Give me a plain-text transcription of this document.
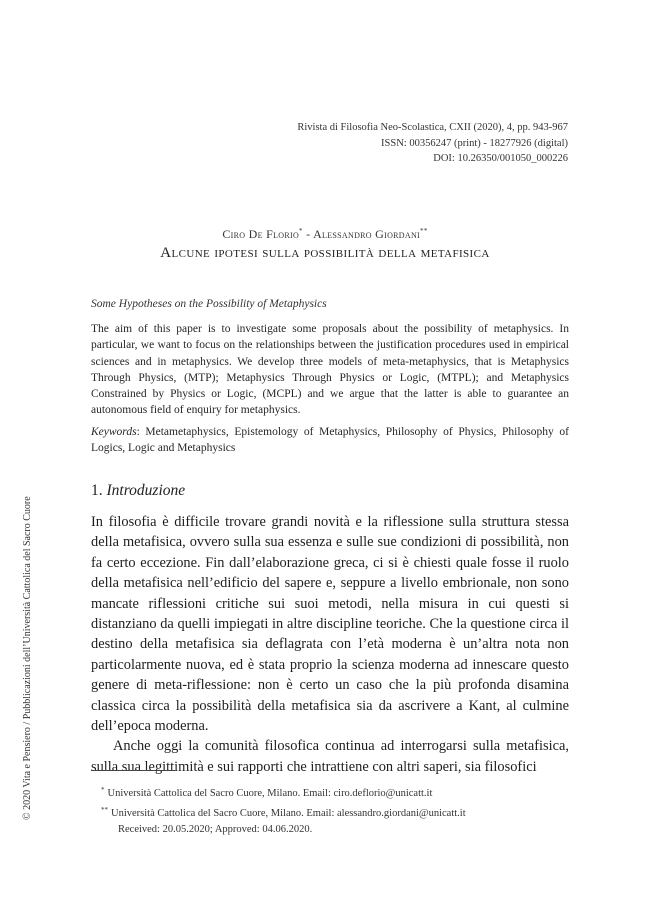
Rivista di Filosofia Neo-Scolastica, CXII (2020), 4, pp. 943-967
ISSN: 00356247 (print) - 18277926 (digital)
DOI: 10.26350/001050_000226
Ciro De Florio* - Alessandro Giordani**
Alcune ipotesi sulla possibilità della metafisica
Some Hypotheses on the Possibility of Metaphysics

The aim of this paper is to investigate some proposals about the possibility of metaphysics. In particular, we want to focus on the relationships between the justification procedures used in empirical sciences and in metaphysics. We develop three models of meta-metaphysics, that is Metaphysics Through Physics, (MTP); Metaphysics Through Physics or Logic, (MTPL); and Metaphysics Constrained by Physics or Logic, (MCPL) and we argue that the latter is able to guarantee an autonomous field of enquiry for metaphysics.

Keywords: Metametaphysics, Epistemology of Metaphysics, Philosophy of Physics, Philosophy of Logics, Logic and Metaphysics

1. Introduzione

In filosofia è difficile trovare grandi novità e la riflessione sulla struttura stessa della metafisica, ovvero sulla sua essenza e sulle sue condizioni di possibilità, non fa certo eccezione. Fin dall’elaborazione greca, ci si è chiesti quale fosse il ruolo della metafisica nell’edificio del sapere e, seppure a livello embrionale, non sono mancate riflessioni critiche sui suoi metodi, nella misura in cui questi si distanziano da quelli impiegati in altre discipline teoriche. Che la questione circa il destino della metafisica sia deflagrata con l’età moderna è un’altra nota non particolarmente nuova, ed è stata proprio la scienza moderna ad innescare questo genere di meta-riflessione: non è certo un caso che la più profonda disamina classica circa la possibilità della metafisica sia da ascrivere a Kant, al culmine dell’epoca moderna.

Anche oggi la comunità filosofica continua ad interrogarsi sulla metafisica, sulla sua legittimità e sui rapporti che intrattiene con altri saperi, sia filosofici

* Università Cattolica del Sacro Cuore, Milano. Email: ciro.deflorio@unicatt.it
** Università Cattolica del Sacro Cuore, Milano. Email: alessandro.giordani@unicatt.it
Received: 20.05.2020; Approved: 04.06.2020.
© 2020 Vita e Pensiero / Pubblicazioni dell’Università Cattolica del Sacro Cuore
